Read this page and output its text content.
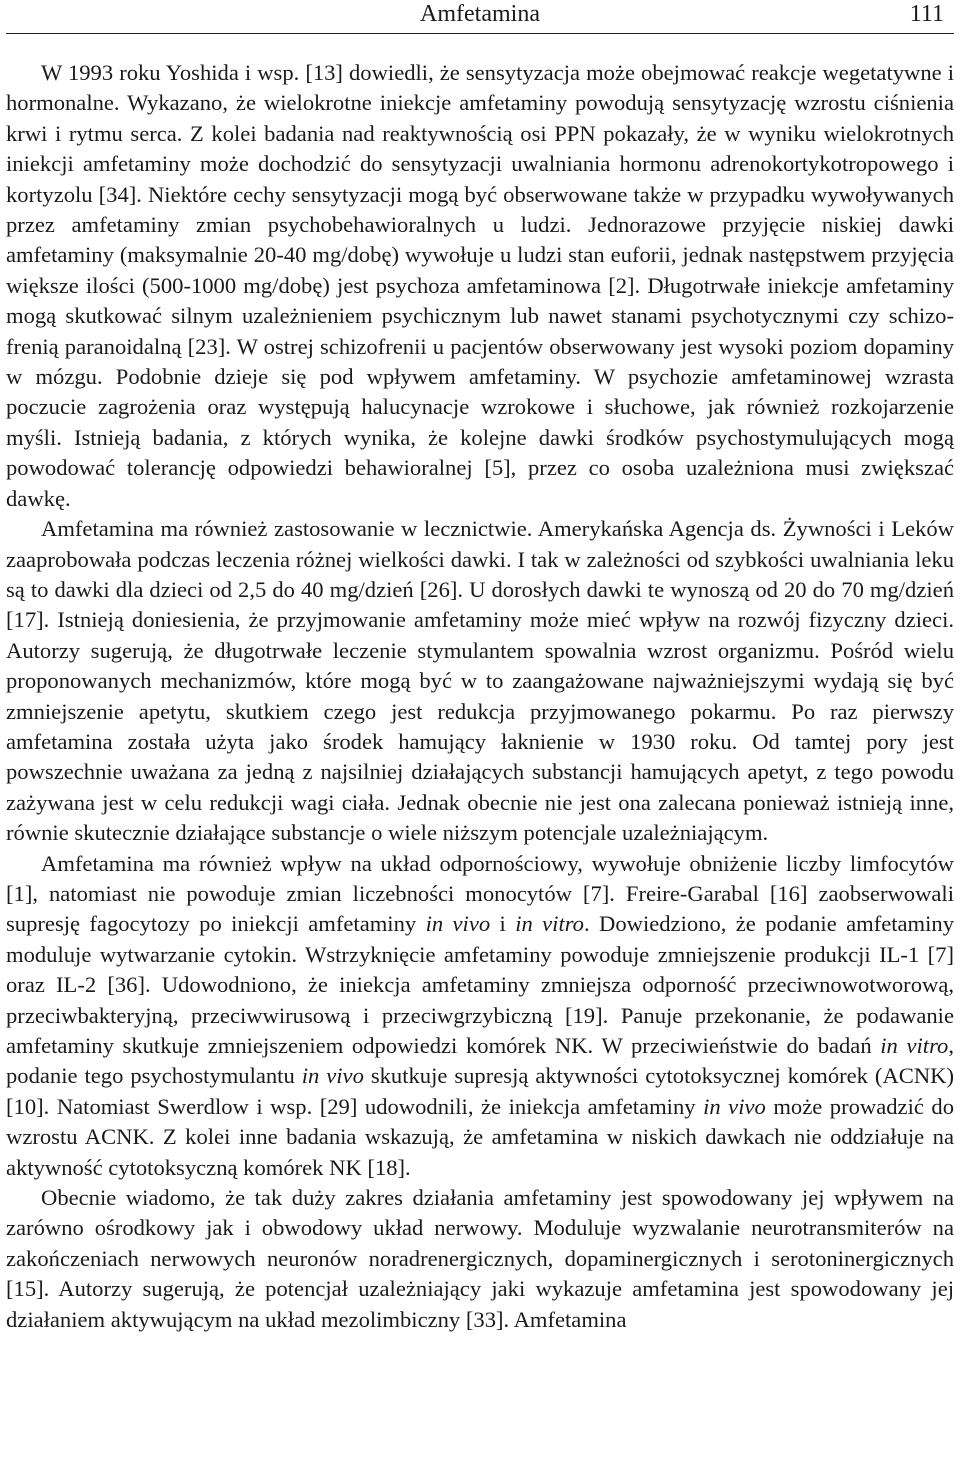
Amfetamina	111

W 1993 roku Yoshida i wsp. [13] dowiedli, że sensytyzacja może obejmować reakcje wegetatywne i hormonalne. Wykazano, że wielokrotne iniekcje amfetaminy powodują sensytyzację wzrostu ciśnienia krwi i rytmu serca. Z kolei badania nad reaktywnością osi PPN pokazały, że w wyniku wielokrotnych iniekcji amfetaminy może dochodzić do sensytyzacji uwalniania hormonu adrenokortykotropowego i kortyzolu [34]. Niektóre cechy sensytyzacji mogą być obserwowane także w przypadku wywoływanych przez amfetaminy zmian psychobehawioralnych u ludzi. Jednorazowe przyjęcie niskiej dawki amfetaminy (maksymalnie 20-40 mg/dobę) wywołuje u ludzi stan euforii, jednak następstwem przyjęcia większe ilości (500-1000 mg/dobę) jest psychoza amfetaminowa [2]. Długotrwałe iniekcje amfetaminy mogą skutkować silnym uzależnieniem psychicznym lub nawet stanami psychotycznymi czy schizofrenią paranoidalną [23]. W ostrej schizofrenii u pacjentów obserwowany jest wysoki poziom dopaminy w mózgu. Podobnie dzieje się pod wpływem amfetaminy. W psychozie amfetaminowej wzrasta poczucie zagrożenia oraz występują halucynacje wzrokowe i słuchowe, jak również rozkojarzenie myśli. Istnieją badania, z których wynika, że kolejne dawki środków psychostymulujących mogą powodować tolerancję odpowiedzi behawioralnej [5], przez co osoba uzależniona musi zwiększać dawkę.

Amfetamina ma również zastosowanie w lecznictwie. Amerykańska Agencja ds. Żywności i Leków zaaprobowała podczas leczenia różnej wielkości dawki. I tak w zależności od szybkości uwalniania leku są to dawki dla dzieci od 2,5 do 40 mg/dzień [26]. U dorosłych dawki te wynoszą od 20 do 70 mg/dzień [17]. Istnieją doniesienia, że przyjmowanie amfetaminy może mieć wpływ na rozwój fizyczny dzieci. Autorzy sugerują, że długotrwałe leczenie stymulantem spowalnia wzrost organizmu. Pośród wielu proponowanych mechanizmów, które mogą być w to zaangażowane najważniejszymi wydają się być zmniejszenie apetytu, skutkiem czego jest redukcja przyjmowanego pokarmu. Po raz pierwszy amfetamina została użyta jako środek hamujący łaknienie w 1930 roku. Od tamtej pory jest powszechnie uważana za jedną z najsilniej działających substancji hamujących apetyt, z tego powodu zażywana jest w celu redukcji wagi ciała. Jednak obecnie nie jest ona zalecana ponieważ istnieją inne, równie skutecznie działające substancje o wiele niższym potencjale uzależniającym.

Amfetamina ma również wpływ na układ odpornościowy, wywołuje obniżenie liczby limfocytów [1], natomiast nie powoduje zmian liczebności monocytów [7]. Freire-Garabal [16] zaobserwowali supresję fagocytozy po iniekcji amfetaminy in vivo i in vitro. Dowiedziono, że podanie amfetaminy moduluje wytwarzanie cytokin. Wstrzyknięcie amfetaminy powoduje zmniejszenie produkcji IL-1 [7] oraz IL-2 [36]. Udowodniono, że iniekcja amfetaminy zmniejsza odporność przeciwnowotworową, przeciwbakteryjną, przeciwwirusową i przeciwgrzybiczną [19]. Panuje przekonanie, że podawanie amfetaminy skutkuje zmniejszeniem odpowiedzi komórek NK. W przeciwieństwie do badań in vitro, podanie tego psychostymulantu in vivo skutkuje supresją aktywności cytotoksycznej komórek (ACNK) [10]. Natomiast Swerdlow i wsp. [29] udowodnili, że iniekcja amfetaminy in vivo może prowadzić do wzrostu ACNK. Z kolei inne badania wskazują, że amfetamina w niskich dawkach nie oddziałuje na aktywność cytotoksyczną komórek NK [18].

Obecnie wiadomo, że tak duży zakres działania amfetaminy jest spowodowany jej wpływem na zarówno ośrodkowy jak i obwodowy układ nerwowy. Moduluje wyzwalanie neurotransmiterów na zakończeniach nerwowych neuronów noradrenergicznych, dopaminergicznych i serotoninergicznych [15]. Autorzy sugerują, że potencjał uzależniający jaki wykazuje amfetamina jest spowodowany jej działaniem aktywującym na układ mezolimbiczny [33]. Amfetamina
